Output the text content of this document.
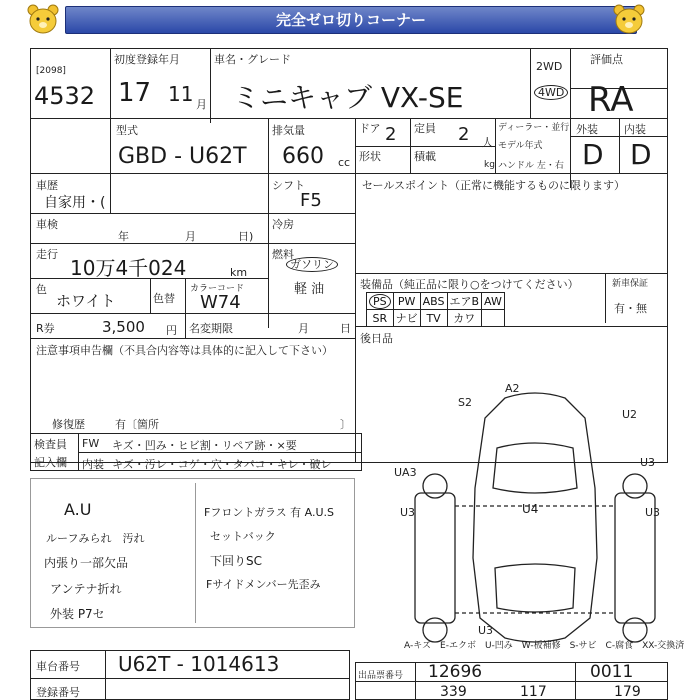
完全ゼロ切りコーナー
[2098]
4532
初度登録年月
17 11 月
車名・グレード
ミニキャブ VX-SE
2WD
4WD
評価点
RA
型式
GBD - U62T
排気量
660 cc
ドア 2 定員 2 人
形状	積載
kg
ディーラー・並行
モデル年式
ハンドル 左・右
外装 内装
D D
車歴
自家用・(
シフト
F5
セールスポイント（正常に機能するものに限ります）
車検
年	月	日)
冷房
走行
10万4千024	km
燃料
ガソリン
軽 油
色
ホワイト	色替
カラーコード
W74
R券	3,500 円 名変期限	月	日
装備品（純正品に限り○をつけてください）
PS	PW	ABS	エアB	AW
SR	ナビ	TV	カワ	
新車保証
有・無
後日品
注意事項申告欄（不具合内容等は具体的に記入して下さい）
修復歴	有〔箇所	〕
検査員
記入欄
FW キズ・凹み・ヒビ割・リペア跡・×要
内装 キズ・汚レ・コゲ・穴・タバコ・キレ・破レ
A.U
ルーフみられ　汚れ
内張り一部欠品
アンテナ折れ
外装 P7セ
Fフロントガラス 有 A.U.S
セットバック
下回りSC
Fサイドメンバー先歪み
A2
S2
U2
U3
UA3
U4
U3	U3
U3
A-キズ　E-エクボ　U-凹み　W-板補修　S-サビ　C-腐食　XX-交換済
車台番号 U62T - 1014613
登録番号
出品票番号 12696	0011
339	117	179
